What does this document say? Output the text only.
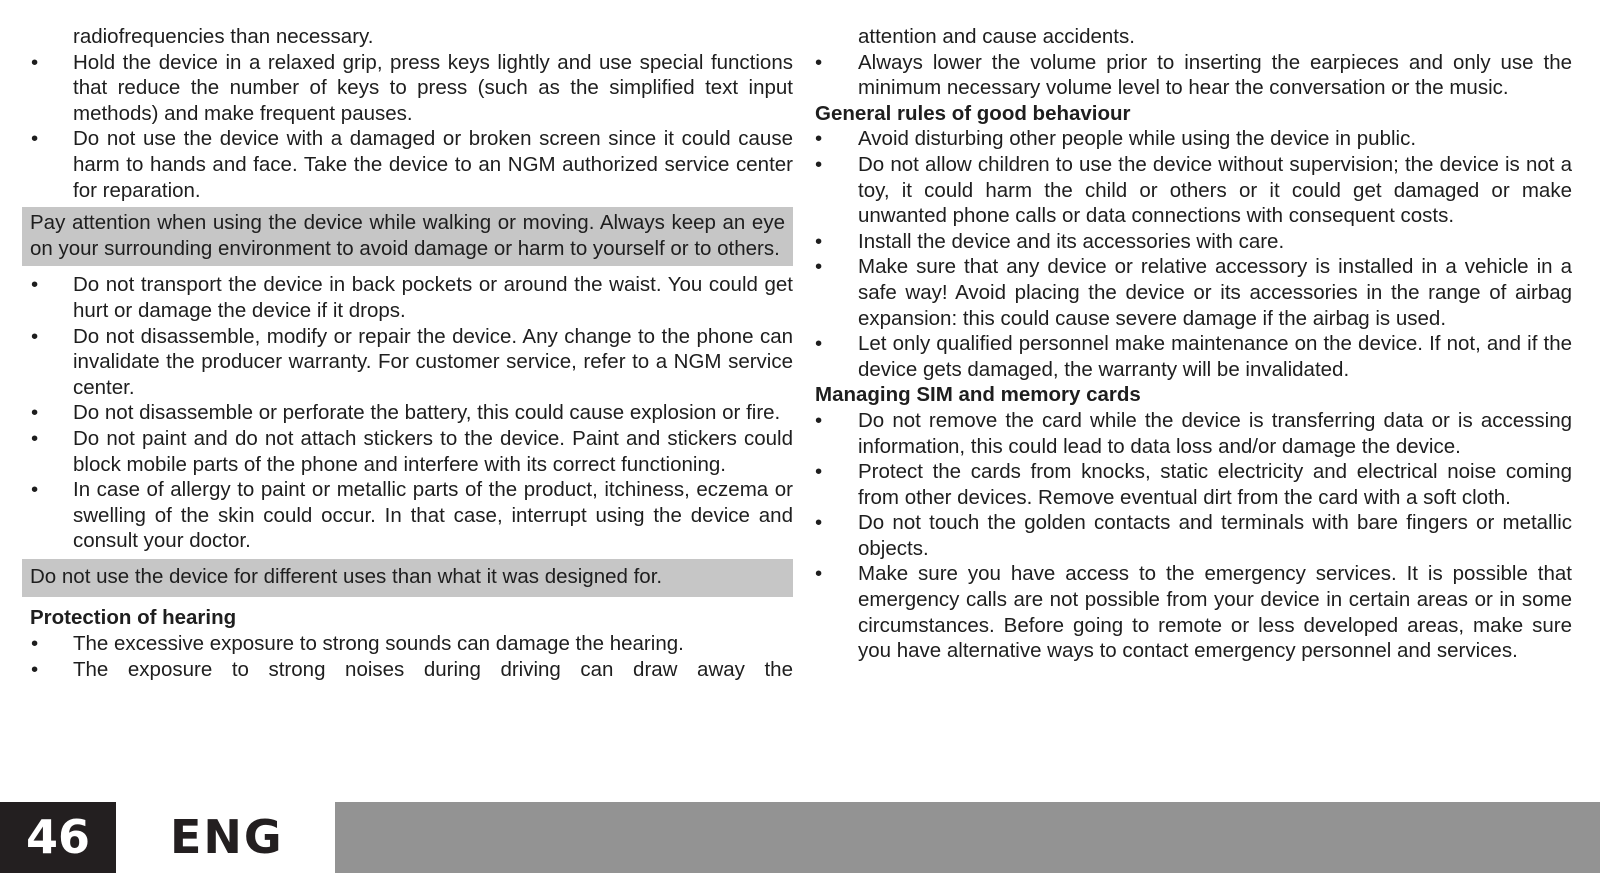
radiofrequencies than necessary.

• Hold the device in a relaxed grip, press keys lightly and use special functions that reduce the number of keys to press (such as the simplified text input methods) and make frequent pauses.

• Do not use the device with a damaged or broken screen since it could cause harm to hands and face. Take the device to an NGM authorized service center for reparation.

Pay attention when using the device while walking or moving. Always keep an eye on your surrounding environment to avoid damage or harm to yourself or to others.

• Do not transport the device in back pockets or around the waist. You could get hurt or damage the device if it drops.

• Do not disassemble, modify or repair the device. Any change to the phone can invalidate the producer warranty. For customer service, refer to a NGM service center.

• Do not disassemble or perforate the battery, this could cause explosion or fire.

• Do not paint and do not attach stickers to the device. Paint and stickers could block mobile parts of the phone and interfere with its correct functioning.

• In case of allergy to paint or metallic parts of the product, itchiness, eczema or swelling of the skin could occur. In that case, interrupt using the device and consult your doctor.

Do not use the device for different uses than what it was designed for.

Protection of hearing

• The excessive exposure to strong sounds can damage the hearing.

• The exposure to strong noises during driving can draw away the

attention and cause accidents.

• Always lower the volume prior to inserting the earpieces and only use the minimum necessary volume level to hear the conversation or the music.

General rules of good behaviour

• Avoid disturbing other people while using the device in public.

• Do not allow children to use the device without supervision; the device is not a toy, it could harm the child or others or it could get damaged or make unwanted phone calls or data connections with consequent costs.

• Install the device and its accessories with care.

• Make sure that any device or relative accessory is installed in a vehicle in a safe way! Avoid placing the device or its accessories in the range of airbag expansion: this could cause severe damage if the airbag is used.

• Let only qualified personnel make maintenance on the device. If not, and if the device gets damaged, the warranty will be invalidated.

Managing SIM and memory cards

• Do not remove the card while the device is transferring data or is accessing information, this could lead to data loss and/or damage the device.

• Protect the cards from knocks, static electricity and electrical noise coming from other devices. Remove eventual dirt from the card with a soft cloth.

• Do not touch the golden contacts and terminals with bare fingers or metallic objects.

• Make sure you have access to the emergency services. It is possible that emergency calls are not possible from your device in certain areas or in some circumstances. Before going to remote or less developed areas, make sure you have alternative ways to contact emergency personnel and services.

46	ENG
